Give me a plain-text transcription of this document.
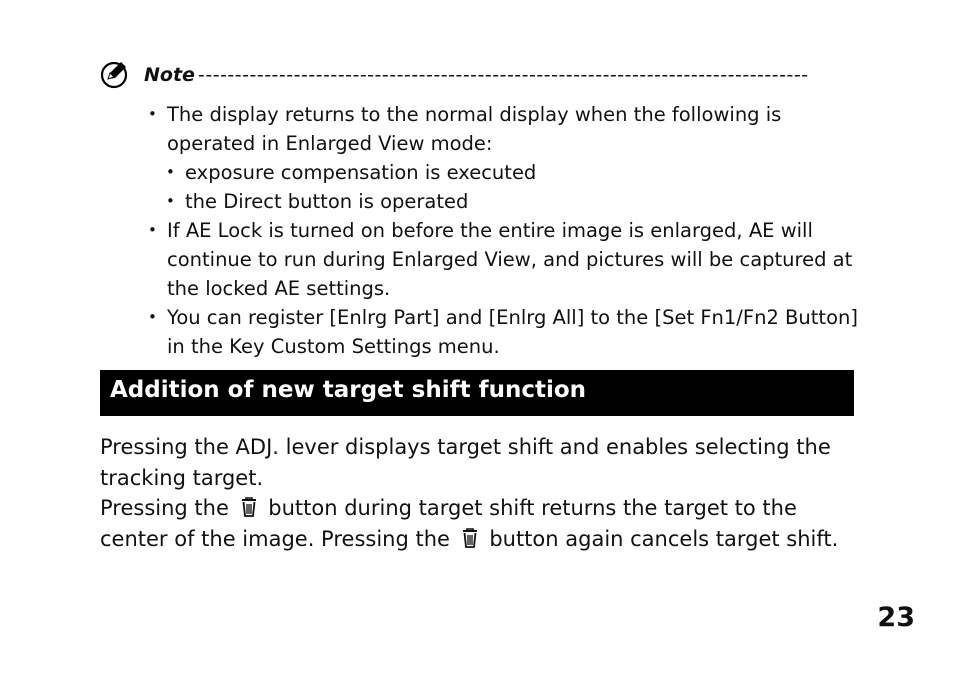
Note -----------------------------------------------------------------------------------
• The display returns to the normal display when the following is operated in Enlarged View mode:
• exposure compensation is executed
• the Direct button is operated
• If AE Lock is turned on before the entire image is enlarged, AE will continue to run during Enlarged View, and pictures will be captured at the locked AE settings.
• You can register [Enlrg Part] and [Enlrg All] to the [Set Fn1/Fn2 Button] in the Key Custom Settings menu.
Addition of new target shift function
Pressing the ADJ. lever displays target shift and enables selecting the tracking target.
Pressing the button during target shift returns the target to the center of the image. Pressing the button again cancels target shift.
23
